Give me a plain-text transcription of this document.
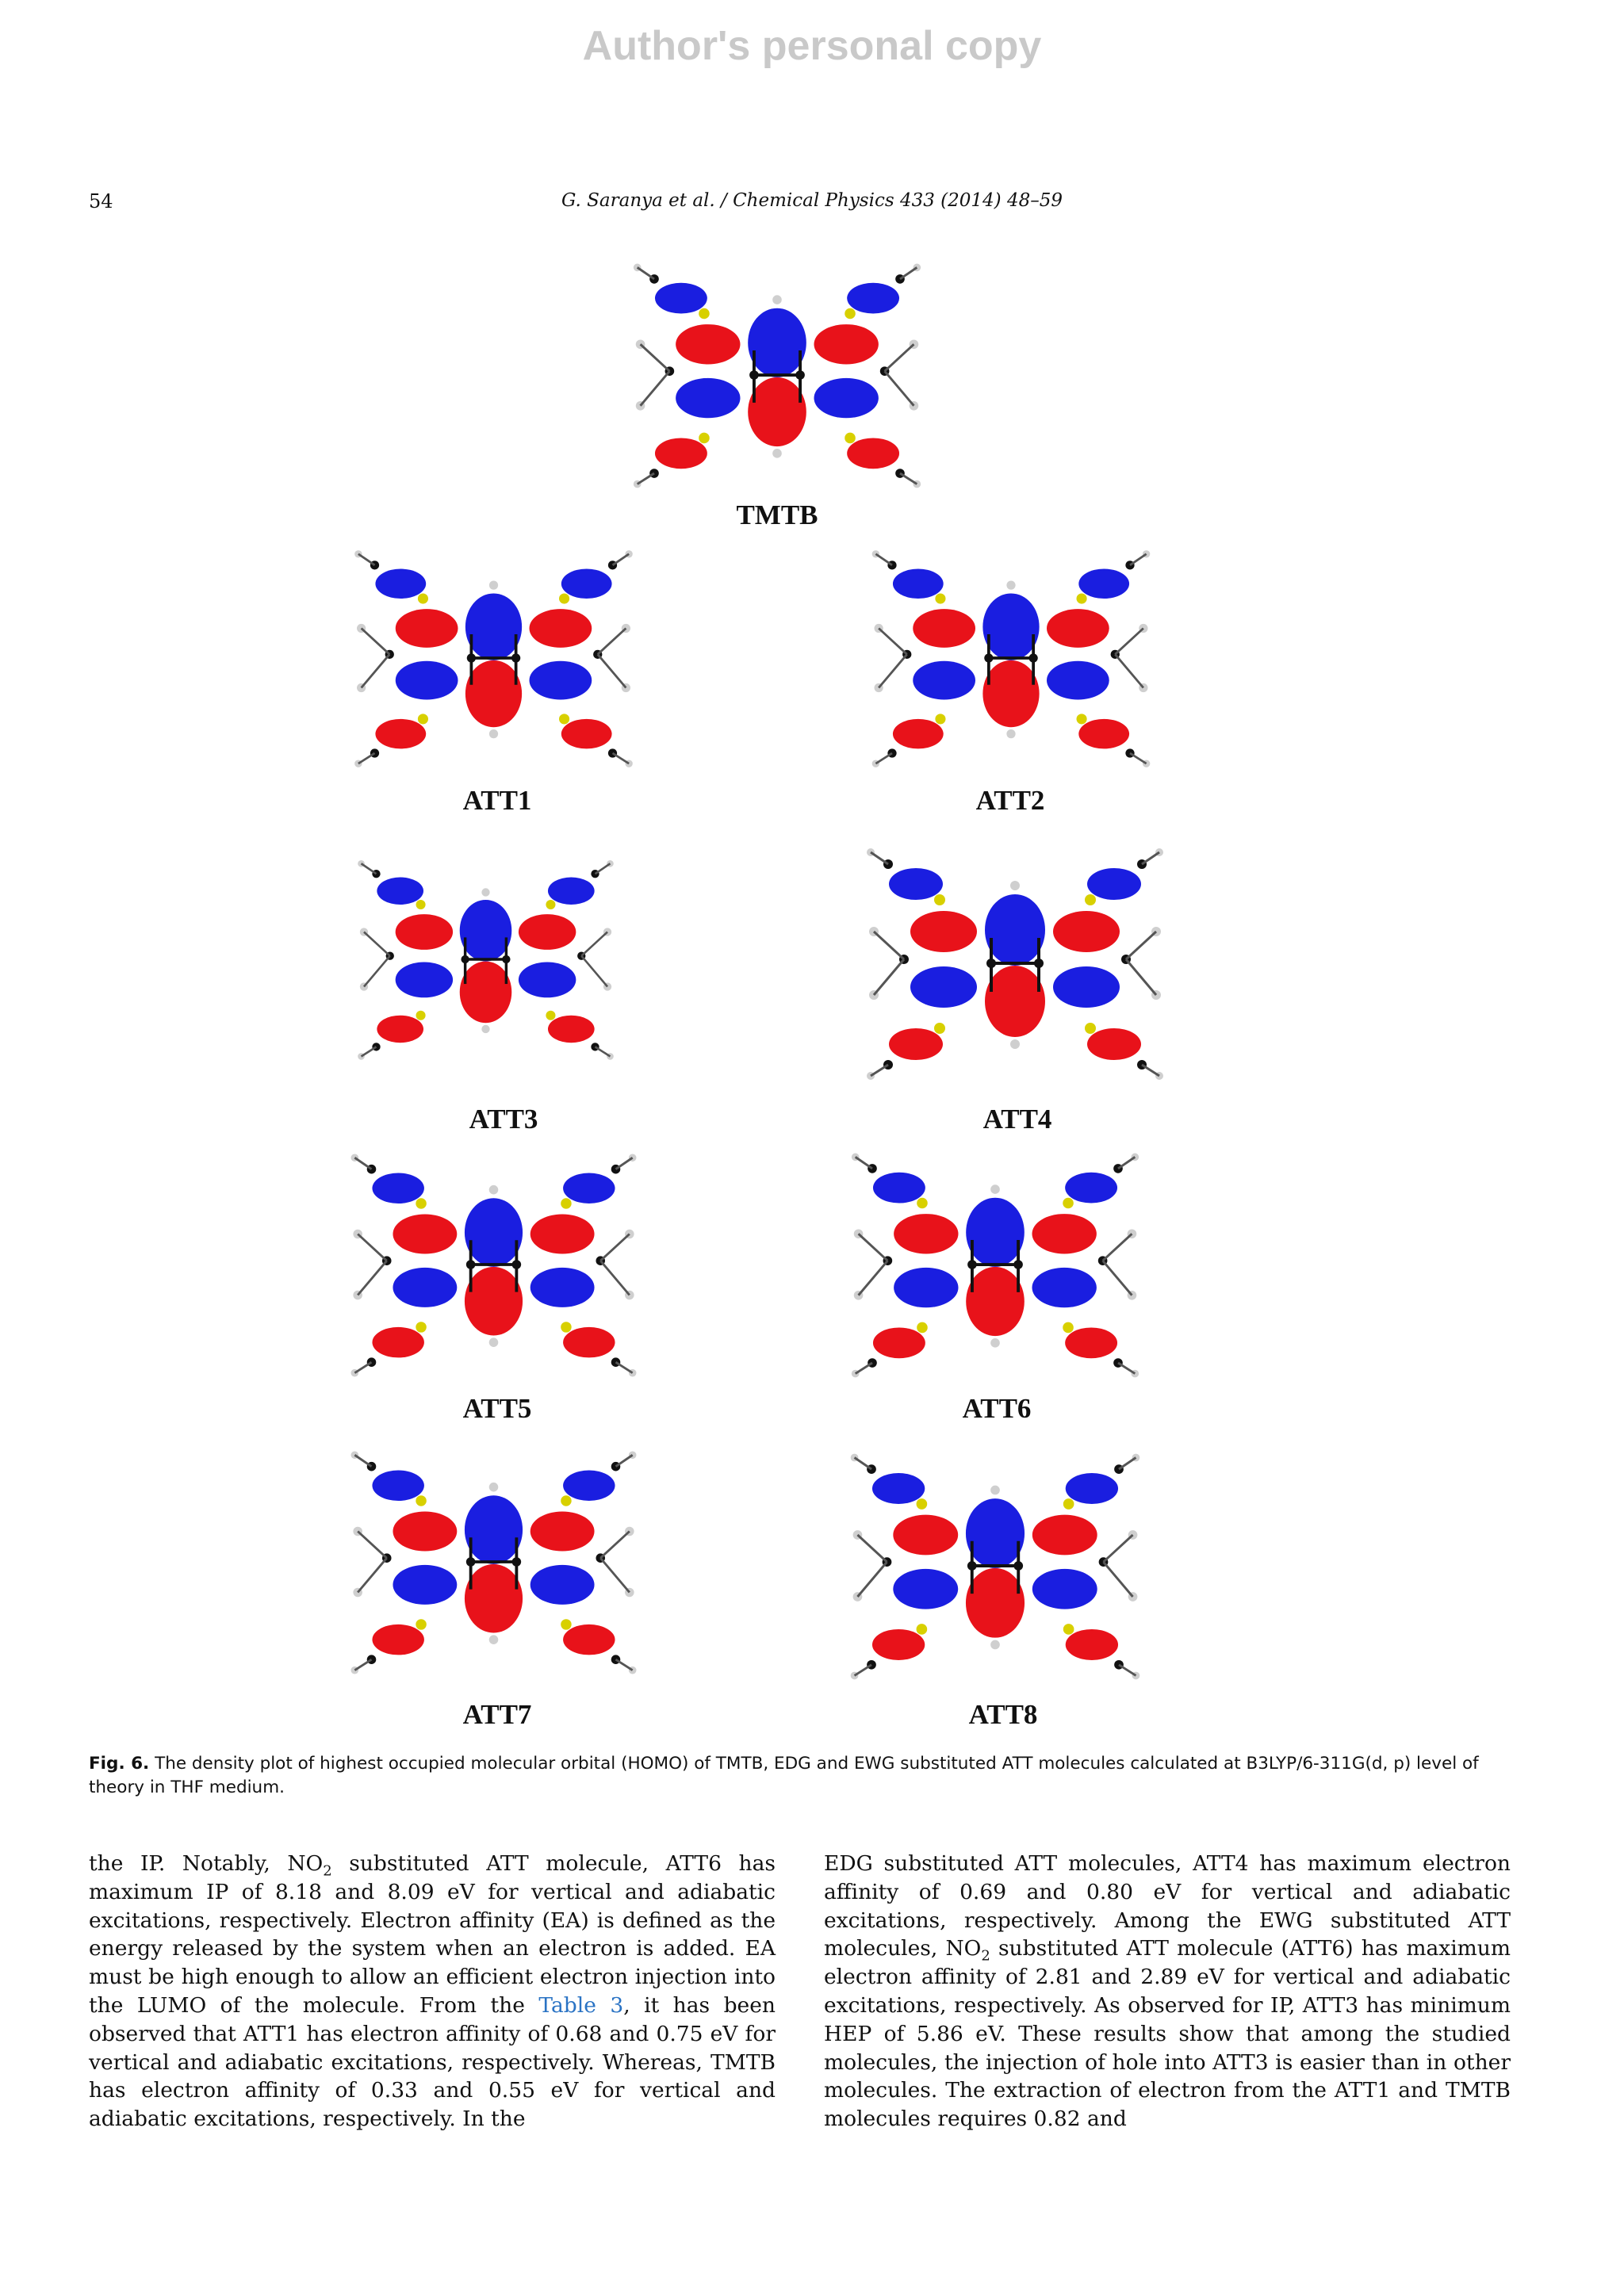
Author's personal copy
54	G. Saranya et al. / Chemical Physics 433 (2014) 48–59
TMTB
ATT1	ATT2
ATT3	ATT4
ATT5	ATT6
ATT7	ATT8
Fig. 6. The density plot of highest occupied molecular orbital (HOMO) of TMTB, EDG and EWG substituted ATT molecules calculated at B3LYP/6-311G(d, p) level of theory in THF medium.

the IP. Notably, $NO_2$ substituted ATT molecule, ATT6 has maximum IP of 8.18 and 8.09 eV for vertical and adiabatic excitations, respectively. Electron affinity (EA) is defined as the energy released by the system when an electron is added. EA must be high enough to allow an efficient electron injection into the LUMO of the molecule. From the Table 3, it has been observed that ATT1 has electron affinity of 0.68 and 0.75 eV for vertical and adiabatic excitations, respectively. Whereas, TMTB has electron affinity of 0.33 and 0.55 eV for vertical and adiabatic excitations, respectively. In the

EDG substituted ATT molecules, ATT4 has maximum electron affinity of 0.69 and 0.80 eV for vertical and adiabatic excitations, respectively. Among the EWG substituted ATT molecules, $NO_2$ substituted ATT molecule (ATT6) has maximum electron affinity of 2.81 and 2.89 eV for vertical and adiabatic excitations, respectively. As observed for IP, ATT3 has minimum HEP of 5.86 eV. These results show that among the studied molecules, the injection of hole into ATT3 is easier than in other molecules. The extraction of electron from the ATT1 and TMTB molecules requires 0.82 and
